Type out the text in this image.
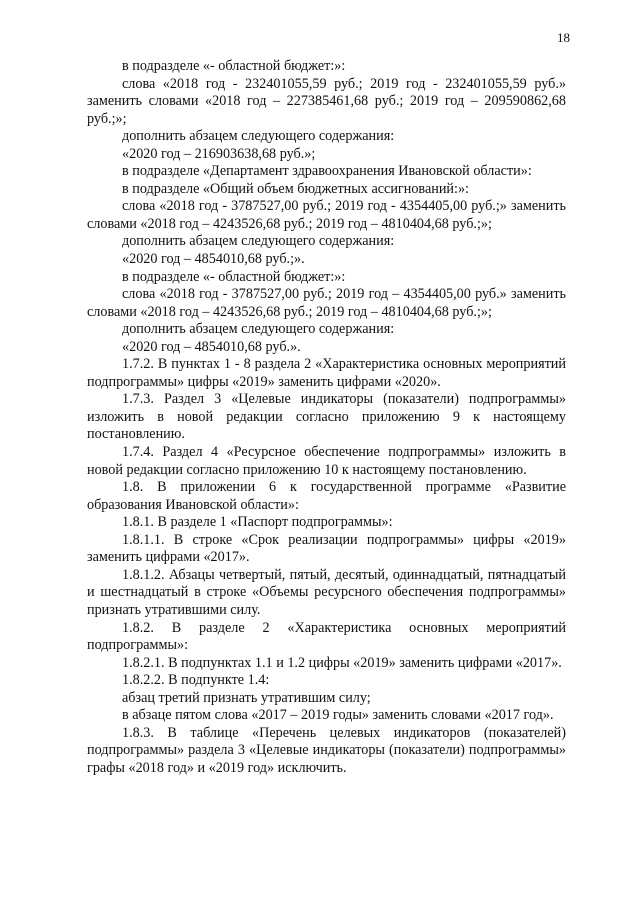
18

в подразделе «- областной бюджет:»:

слова «2018 год - 232401055,59 руб.; 2019 год - 232401055,59 руб.» заменить словами «2018 год – 227385461,68 руб.; 2019 год – 209590862,68 руб.;»;

дополнить абзацем следующего содержания:

«2020 год – 216903638,68 руб.»;

в подразделе «Департамент здравоохранения Ивановской области»:

в подразделе «Общий объем бюджетных ассигнований:»:

слова «2018 год - 3787527,00 руб.; 2019 год - 4354405,00 руб.;» заменить словами «2018 год – 4243526,68 руб.; 2019 год – 4810404,68 руб.;»;

дополнить абзацем следующего содержания:

«2020 год – 4854010,68 руб.;».

в подразделе «- областной бюджет:»:

слова «2018 год - 3787527,00 руб.; 2019 год – 4354405,00 руб.» заменить словами «2018 год – 4243526,68 руб.; 2019 год – 4810404,68 руб.;»;

дополнить абзацем следующего содержания:

«2020 год – 4854010,68 руб.».

1.7.2. В пунктах 1 - 8 раздела 2 «Характеристика основных мероприятий подпрограммы» цифры «2019» заменить цифрами «2020».

1.7.3. Раздел 3 «Целевые индикаторы (показатели) подпрограммы» изложить в новой редакции согласно приложению 9 к настоящему постановлению.

1.7.4. Раздел 4 «Ресурсное обеспечение подпрограммы» изложить в новой редакции согласно приложению 10 к настоящему постановлению.

1.8. В приложении 6 к государственной программе «Развитие образования Ивановской области»:

1.8.1. В разделе 1 «Паспорт подпрограммы»:

1.8.1.1. В строке «Срок реализации подпрограммы» цифры «2019» заменить цифрами «2017».

1.8.1.2. Абзацы четвертый, пятый, десятый, одиннадцатый, пятнадцатый и шестнадцатый в строке «Объемы ресурсного обеспечения подпрограммы» признать утратившими силу.

1.8.2. В разделе 2 «Характеристика основных мероприятий подпрограммы»:

1.8.2.1. В подпунктах 1.1 и 1.2 цифры «2019» заменить цифрами «2017».

1.8.2.2. В подпункте 1.4:

абзац третий признать утратившим силу;

в абзаце пятом слова «2017 – 2019 годы» заменить словами «2017 год».

1.8.3. В таблице «Перечень целевых индикаторов (показателей) подпрограммы» раздела 3 «Целевые индикаторы (показатели) подпрограммы» графы «2018 год» и «2019 год» исключить.
